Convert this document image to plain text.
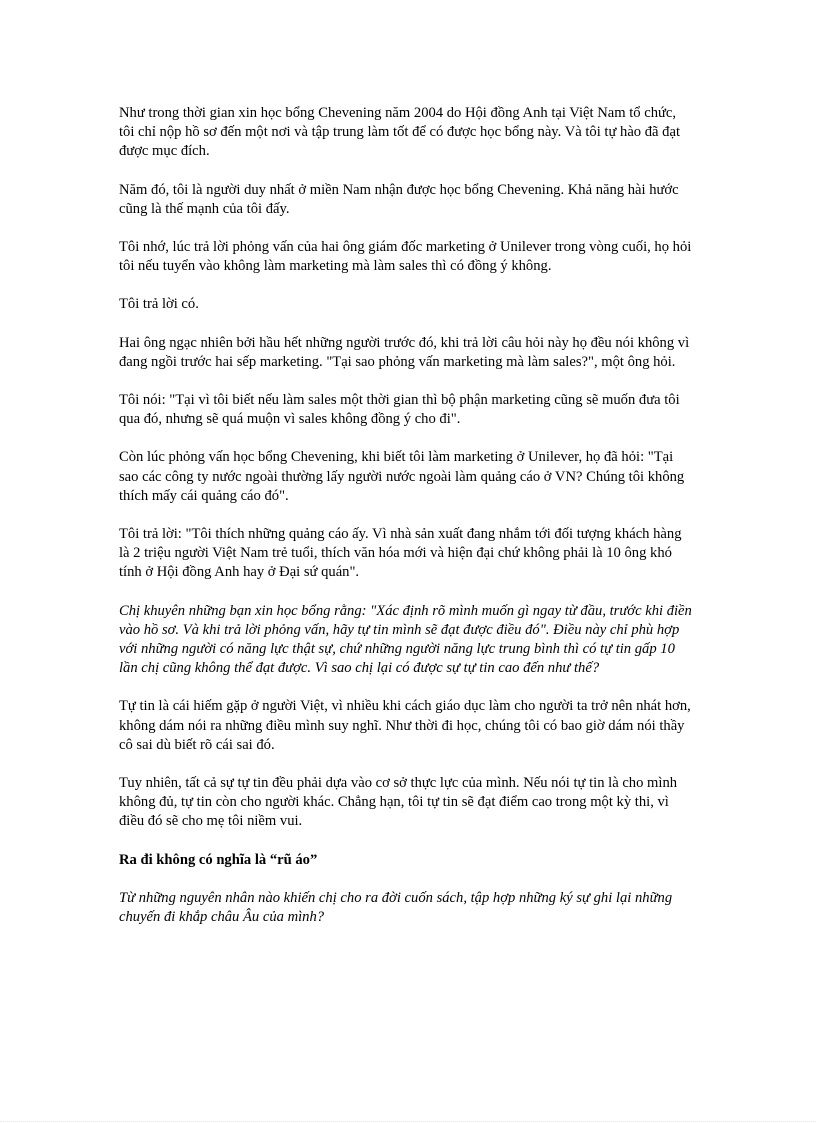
Như trong thời gian xin học bổng Chevening năm 2004 do Hội đồng Anh tại Việt Nam tổ chức, tôi chỉ nộp hồ sơ đến một nơi và tập trung làm tốt để có được học bổng này. Và tôi tự hào đã đạt được mục đích.

Năm đó, tôi là người duy nhất ở miền Nam nhận được học bổng Chevening. Khả năng hài hước cũng là thế mạnh của tôi đấy.

Tôi nhớ, lúc trả lời phỏng vấn của hai ông giám đốc marketing ở Unilever trong vòng cuối, họ hỏi tôi nếu tuyển vào không làm marketing mà làm sales thì có đồng ý không.

Tôi trả lời có.

Hai ông ngạc nhiên bởi hầu hết những người trước đó, khi trả lời câu hỏi này họ đều nói không vì đang ngồi trước hai sếp marketing. "Tại sao phỏng vấn marketing mà làm sales?", một ông hỏi.

Tôi nói: "Tại vì tôi biết nếu làm sales một thời gian thì bộ phận marketing cũng sẽ muốn đưa tôi qua đó, nhưng sẽ quá muộn vì sales không đồng ý cho đi".

Còn lúc phỏng vấn học bổng Chevening, khi biết tôi làm marketing ở Unilever, họ đã hỏi: "Tại sao các công ty nước ngoài thường lấy người nước ngoài làm quảng cáo ở VN? Chúng tôi không thích mấy cái quảng cáo đó".

Tôi trả lời: "Tôi thích những quảng cáo ấy. Vì nhà sản xuất đang nhắm tới đối tượng khách hàng là 2 triệu người Việt Nam trẻ tuổi, thích văn hóa mới và hiện đại chứ không phải là 10 ông khó tính ở Hội đồng Anh hay ở Đại sứ quán".

Chị khuyên những bạn xin học bổng rằng: "Xác định rõ mình muốn gì ngay từ đầu, trước khi điền vào hồ sơ. Và khi trả lời phỏng vấn, hãy tự tin mình sẽ đạt được điều đó". Điều này chỉ phù hợp với những người có năng lực thật sự, chứ những người năng lực trung bình thì có tự tin gấp 10 lần chị cũng không thể đạt được. Vì sao chị lại có được sự tự tin cao đến như thế?

Tự tin là cái hiếm gặp ở người Việt, vì nhiều khi cách giáo dục làm cho người ta trở nên nhát hơn, không dám nói ra những điều mình suy nghĩ. Như thời đi học, chúng tôi có bao giờ dám nói thầy cô sai dù biết rõ cái sai đó.

Tuy nhiên, tất cả sự tự tin đều phải dựa vào cơ sở thực lực của mình. Nếu nói tự tin là cho mình không đủ, tự tin còn cho người khác. Chẳng hạn, tôi tự tin sẽ đạt điểm cao trong một kỳ thi, vì điều đó sẽ cho mẹ tôi niềm vui.

Ra đi không có nghĩa là “rũ áo”

Từ những nguyên nhân nào khiến chị cho ra đời cuốn sách, tập hợp những ký sự ghi lại những chuyến đi khắp châu Âu của mình?
